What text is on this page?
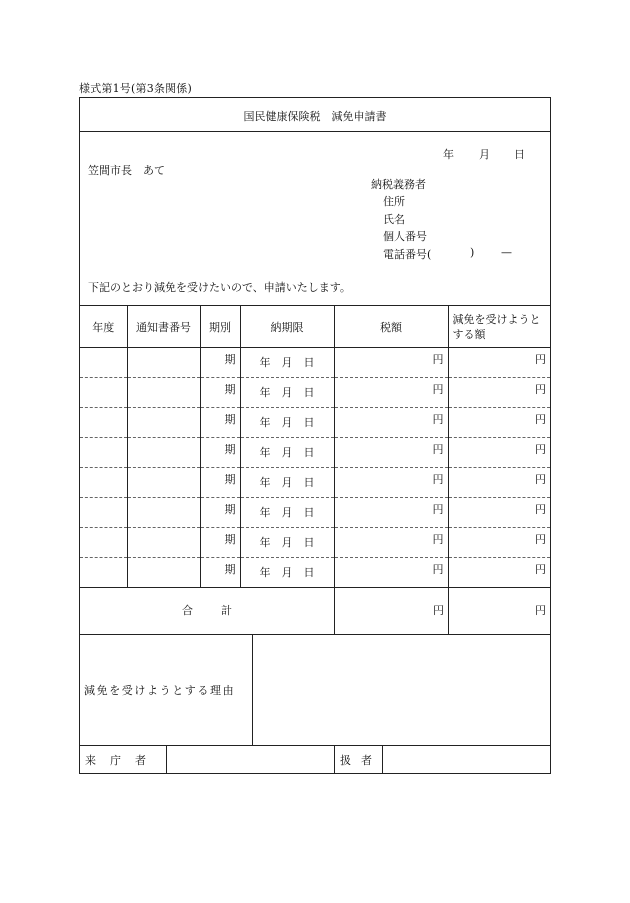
様式第1号(第3条関係)
国民健康保険税　減免申請書
年 月 日
笠間市長　あて
納税義務者
住所
氏名
個人番号
電話番号(	) —
下記のとおり減免を受けたいので、申請いたします。
年度	通知書番号	期別	納期限	税額	減免を受けようとする額

		期	年  月  日	円	円

		期	年  月  日	円	円

		期	年  月  日	円	円

		期	年  月  日	円	円

		期	年  月  日	円	円

		期	年  月  日	円	円

		期	年  月  日	円	円

		期	年  月  日	円	円
合計	円	円
減免を受けようとする理由
来庁者	扱者
